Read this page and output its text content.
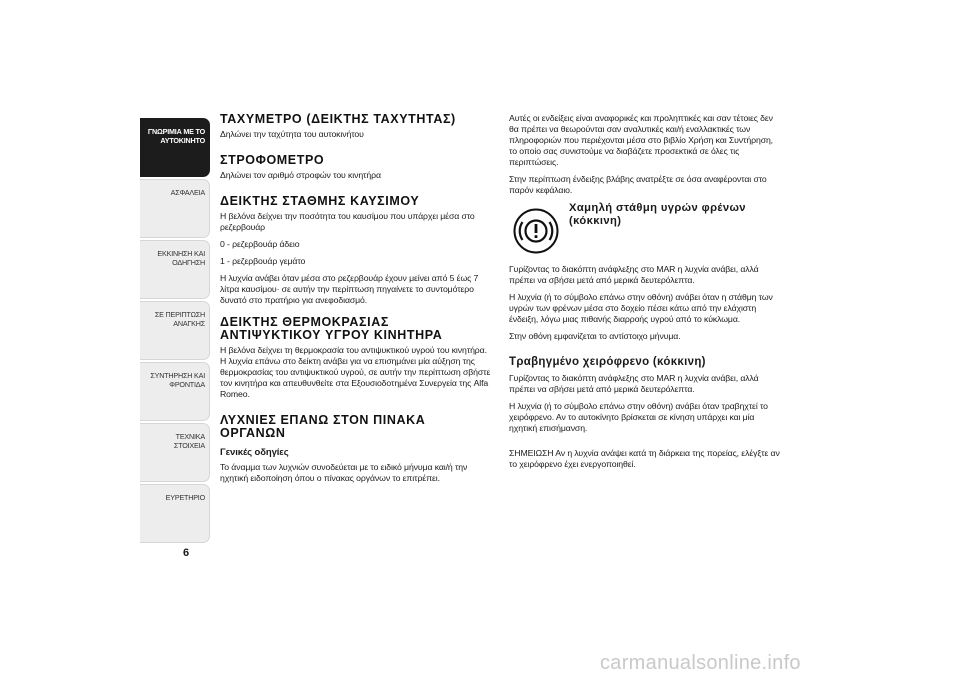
ΓΝΩΡΙΜΙΑ ΜΕ ΤΟ
ΑΥΤΟΚΙΝΗΤΟ
ΑΣΦΑΛΕΙΑ
ΕΚΚΙΝΗΣΗ ΚΑΙ
ΟΔΗΓΗΣΗ
ΣΕ ΠΕΡΙΠΤΩΣΗ
ΑΝΑΓΚΗΣ
ΣΥΝΤΗΡΗΣΗ ΚΑΙ
ΦΡΟΝΤΙΔΑ
ΤΕΧΝΙΚΑ ΣΤΟΙΧΕΙΑ
ΕΥΡΕΤΗΡΙΟ
6
ΤΑΧΥΜΕΤΡΟ (ΔΕΙΚΤΗΣ ΤΑΧΥΤΗΤΑΣ)

Δηλώνει την ταχύτητα του αυτοκινήτου

ΣΤΡΟΦΟΜΕΤΡΟ

Δηλώνει τον αριθμό στροφών του κινητήρα

ΔΕΙΚΤΗΣ ΣΤΑΘΜΗΣ ΚΑΥΣΙΜΟΥ

Η βελόνα δείχνει την ποσότητα του καυσίμου που υπάρχει μέσα στο ρεζερβουάρ

0 - ρεζερβουάρ άδειο

1 - ρεζερβουάρ γεμάτο

Η λυχνία ανάβει όταν μέσα στο ρεζερβουάρ έχουν μείνει από 5 έως 7 λίτρα καυσίμου· σε αυτήν την περίπτωση πηγαίνετε το συντομότερο δυνατό στο πρατήριο για ανεφοδιασμό.

ΔΕΙΚΤΗΣ ΘΕΡΜΟΚΡΑΣΙΑΣ
ΑΝΤΙΨΥΚΤΙΚΟΥ ΥΓΡΟΥ ΚΙΝΗΤΗΡΑ

Η βελόνα δείχνει τη θερμοκρασία του αντιψυκτικού υγρού του κινητήρα. Η λυχνία επάνω στο δείκτη ανάβει για να επισημάνει μία αύξηση της θερμοκρασίας του αντιψυκτικού υγρού, σε αυτήν την περίπτωση σβήστε τον κινητήρα και απευθυνθείτε στα Εξουσιοδοτημένα Συνεργεία της Alfa Romeo.

ΛΥΧΝΙΕΣ ΕΠΑΝΩ ΣΤΟΝ ΠΙΝΑΚΑ
ΟΡΓΑΝΩΝ

Γενικές οδηγίες

Το άναμμα των λυχνιών συνοδεύεται με το ειδικό μήνυμα και/ή την ηχητική ειδοποίηση όπου ο πίνακας οργάνων το επιτρέπει.

Αυτές οι ενδείξεις είναι αναφορικές και προληπτικές και σαν τέτοιες δεν θα πρέπει να θεωρούνται σαν αναλυτικές και/ή εναλλακτικές των πληροφοριών που περιέχονται μέσα στο βιβλίο Χρήση και Συντήρηση, το οποίο σας συνιστούμε να διαβάζετε προσεκτικά σε όλες τις περιπτώσεις.

Στην περίπτωση ένδειξης βλάβης ανατρέξτε σε όσα αναφέρονται στο παρόν κεφάλαιο.

Χαμηλή στάθμη υγρών φρένων
(κόκκινη)

Γυρίζοντας το διακόπτη ανάφλεξης στο MAR η λυχνία ανάβει, αλλά πρέπει να σβήσει μετά από μερικά δευτερόλεπτα.

Η λυχνία (ή το σύμβολο επάνω στην οθόνη) ανάβει όταν η στάθμη των υγρών των φρένων μέσα στο δοχείο πέσει κάτω από την ελάχιστη ένδειξη, λόγω μιας πιθανής διαρροής υγρού από το κύκλωμα.

Στην οθόνη εμφανίζεται το αντίστοιχο μήνυμα.

Τραβηγμένο χειρόφρενο (κόκκινη)

Γυρίζοντας το διακόπτη ανάφλεξης στο MAR η λυχνία ανάβει, αλλά πρέπει να σβήσει μετά από μερικά δευτερόλεπτα.

Η λυχνία (ή το σύμβολο επάνω στην οθόνη) ανάβει όταν τραβηχτεί το χειρόφρενο. Αν το αυτοκίνητο βρίσκεται σε κίνηση υπάρχει και μία ηχητική επισήμανση.

ΣΗΜΕΙΩΣΗ Αν η λυχνία ανάψει κατά τη διάρκεια της πορείας, ελέγξτε αν το χειρόφρενο έχει ενεργοποιηθεί.

carmanualsonline.info
